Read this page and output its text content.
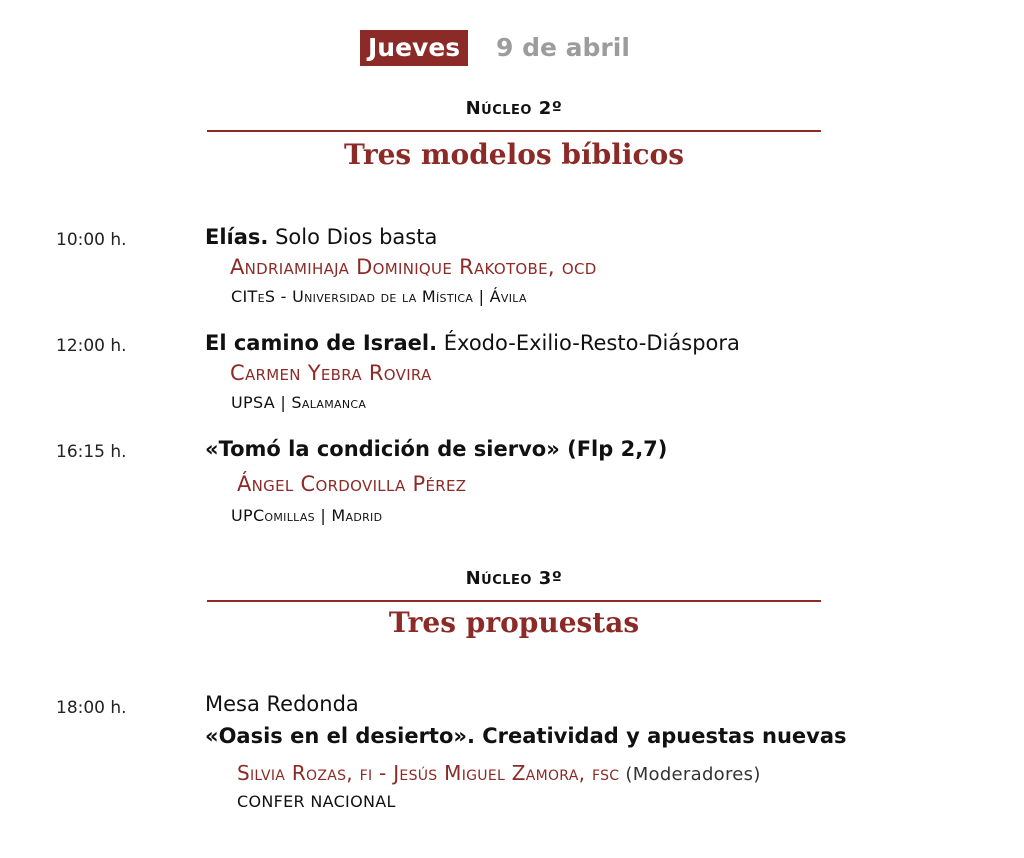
Jueves	9 de abril
Núcleo 2º
Tres modelos bíblicos
10:00 h.	Elías. Solo Dios basta
Andriamihaja Dominique Rakotobe, ocd
CITeS - Universidad de la Mística | Ávila
12:00 h.	El camino de Israel. Éxodo-Exilio-Resto-Diáspora
Carmen Yebra Rovira
UPSA | Salamanca
16:15 h.	«Tomó la condición de siervo» (Flp 2,7)
Ángel Cordovilla Pérez
UPComillas | Madrid
Núcleo 3º
Tres propuestas
18:00 h.	Mesa Redonda
«Oasis en el desierto». Creatividad y apuestas nuevas
Silvia Rozas, fi - Jesús Miguel Zamora, fsc (Moderadores)
CONFER NACIONAL
